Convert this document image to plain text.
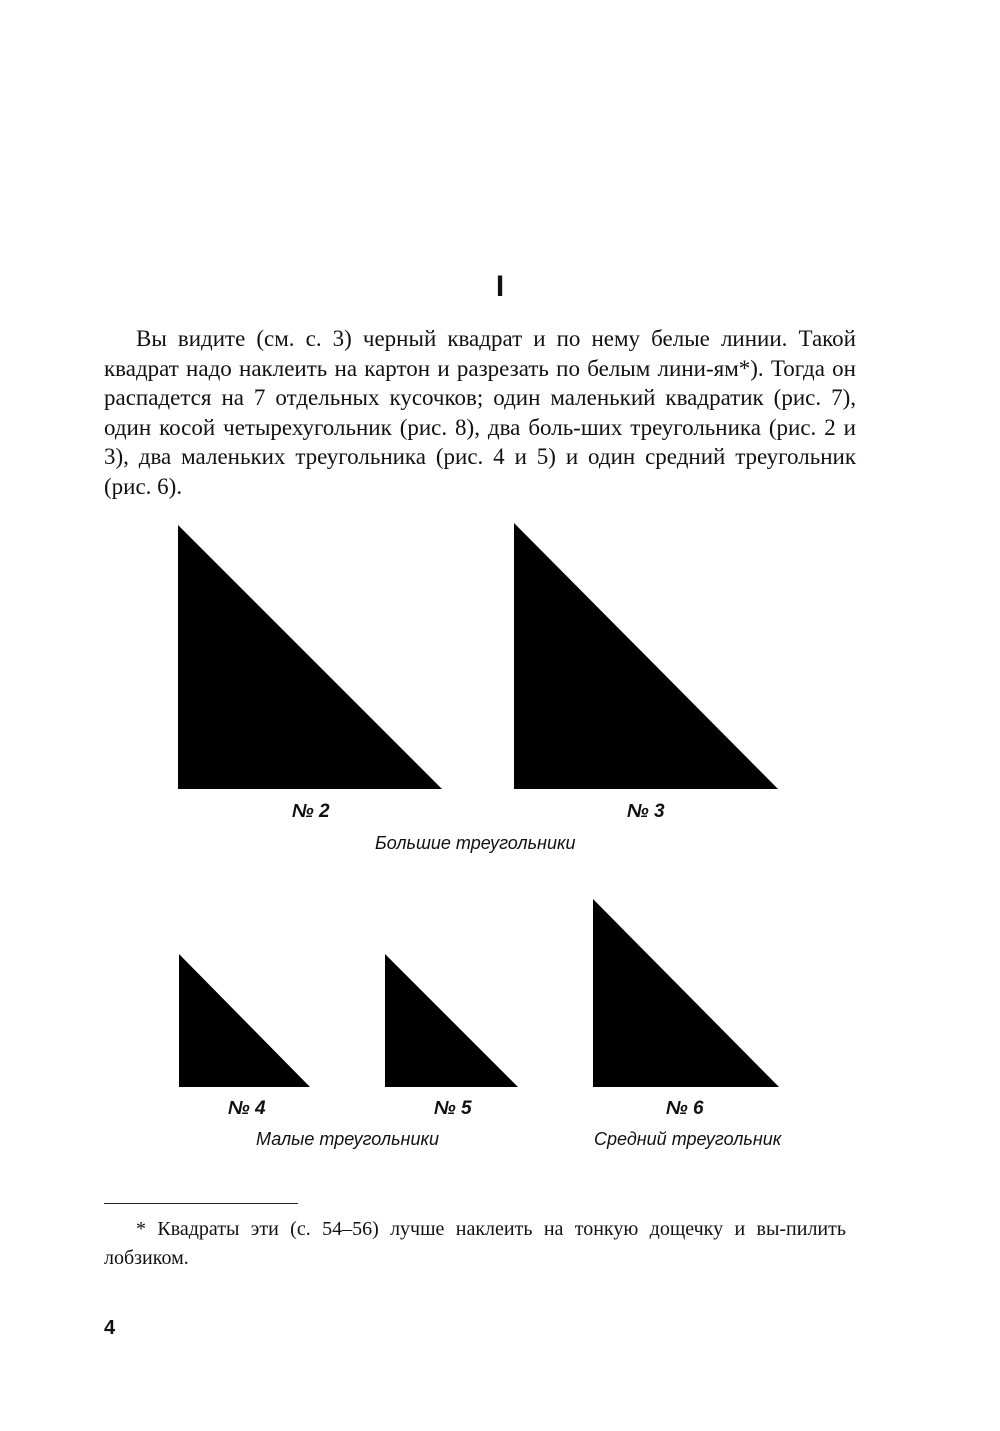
I

Вы видите (см. с. 3) черный квадрат и по нему белые линии. Такой квадрат надо наклеить на картон и разрезать по белым лини-ям*). Тогда он распадется на 7 отдельных кусочков; один маленький квадратик (рис. 7), один косой четырехугольник (рис. 8), два боль-ших треугольника (рис. 2 и 3), два маленьких треугольника (рис. 4 и 5) и один средний треугольник (рис. 6).

№ 2	№ 3
Большие треугольники
№ 4	№ 5	№ 6
Малые треугольники	Средний треугольник

* Квадраты эти (с. 54–56) лучше наклеить на тонкую дощечку и вы-пилить лобзиком.

4
